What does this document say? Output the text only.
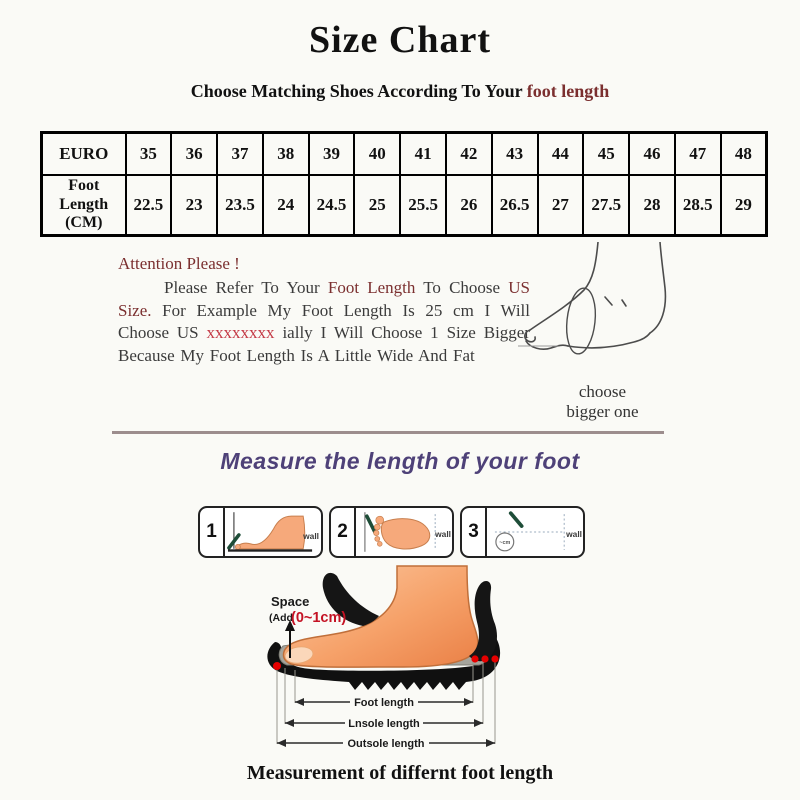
Size Chart
Choose Matching Shoes According To Your foot length
EURO	35	36	37	38	39	40	41	42	43	44	45	46	47	48
Foot Length (CM)	22.5	23	23.5	24	24.5	25	25.5	26	26.5	27	27.5	28	28.5	29
Attention Please !

Please Refer To Your Foot Length To Choose US Size. For Example My Foot Length Is 25 cm I Will Choose US xxxxxxxx ially I Will Choose 1 Size Bigger Because My Foot Length Is A Little Wide And Fat

choose
bigger one
Measure the length of your foot
1	wall 2	wall 3
~cm
wall
Space
(Add
(0~1cm)
Foot length
Lnsole length
Outsole length
Measurement of differnt foot length
